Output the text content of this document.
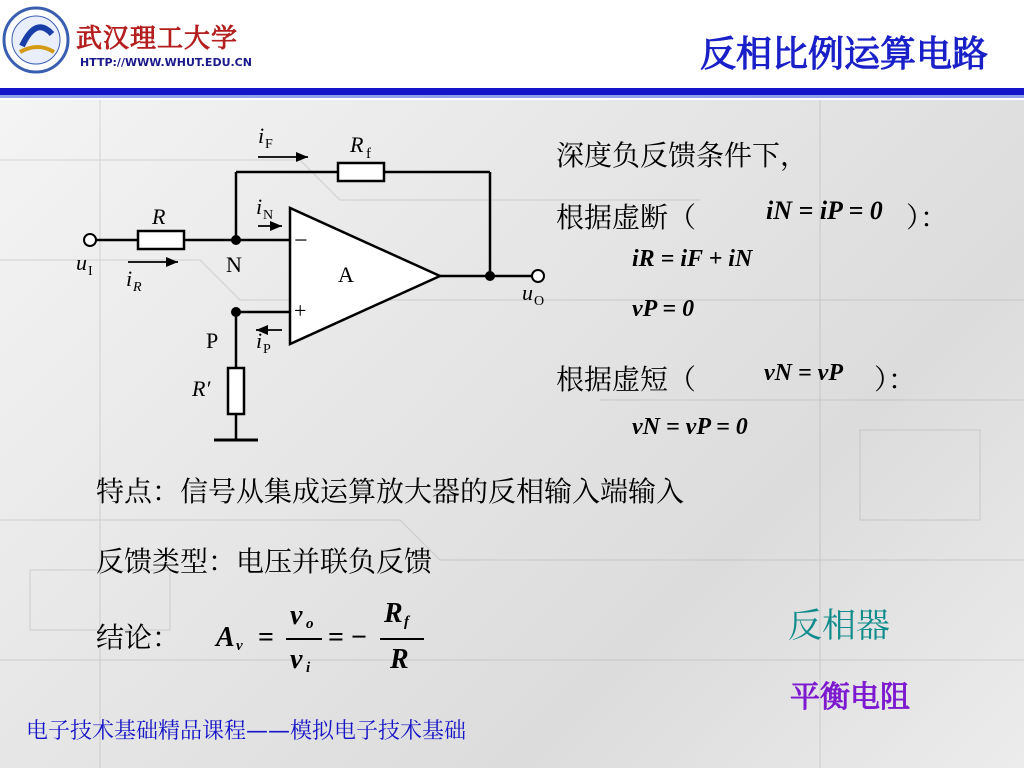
武汉理工大学
HTTP://WWW.WHUT.EDU.CN	反相比例运算电路
i F	R f
R	i N
−
u I i R
N	A
u O
+
P i P
R′
深度负反馈条件下，
根据虚断（	iN = iP = 0 ）：
iR = iF + iN
vP = 0
根据虚短（	vN = vP ）：
vN = vP = 0
特点：信号从集成运算放大器的反相输入端输入
反馈类型：电压并联负反馈
结论： A v =
v o
v i
= −
R f
R
反相器
平衡电阻
电子技术基础精品课程——模拟电子技术基础
